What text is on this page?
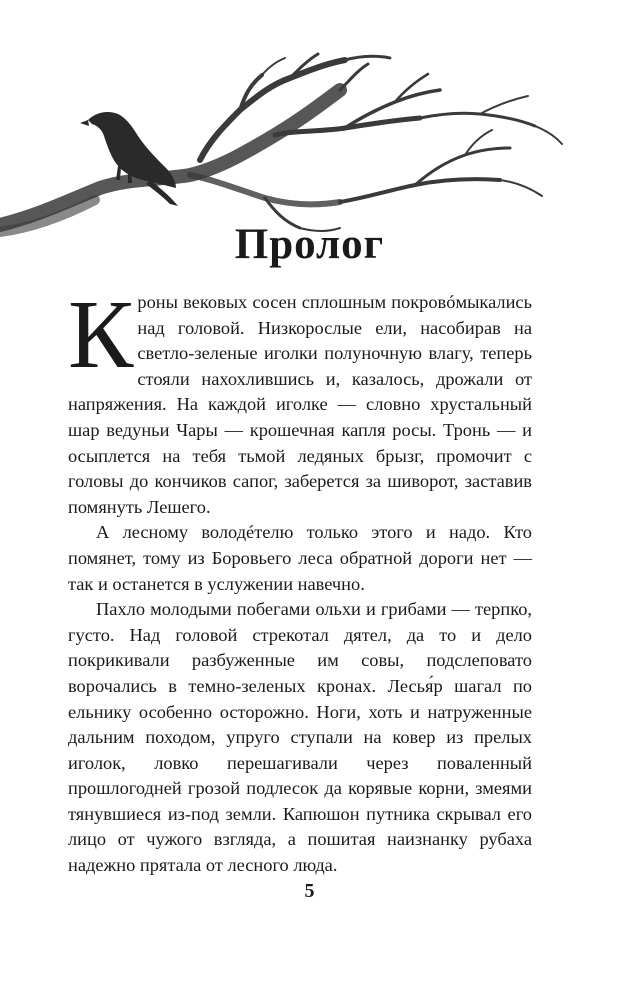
Пролог

Кроны вековых сосен сплошным покровóмыкались над головой. Низкорослые ели, насобирав на светло-зеленые иголки полуночную влагу, теперь стояли нахохлившись и, казалось, дрожали от напряжения. На каждой иголке — словно хрустальный шар ведуньи Чары — крошечная капля росы. Тронь — и осыплется на тебя тьмой ледяных брызг, промочит с головы до кончиков сапог, заберется за шиворот, заставив помянуть Лешего.

А лесному володéтелю только этого и надо. Кто помянет, тому из Боровьего леса обратной дороги нет — так и останется в услужении навечно.

Пахло молодыми побегами ольхи и грибами — терпко, густо. Над головой стрекотал дятел, да то и дело покрикивали разбуженные им совы, подслеповато ворочались в темно-зеленых кронах. Лесья́р шагал по ельнику особенно осторожно. Ноги, хоть и натруженные дальним походом, упруго ступали на ковер из прелых иголок, ловко перешагивали через поваленный прошлогодней грозой подлесок да корявые корни, змеями тянувшиеся из-под земли. Капюшон путника скрывал его лицо от чужого взгляда, а пошитая наизнанку рубаха надежно прятала от лесного люда.

5
